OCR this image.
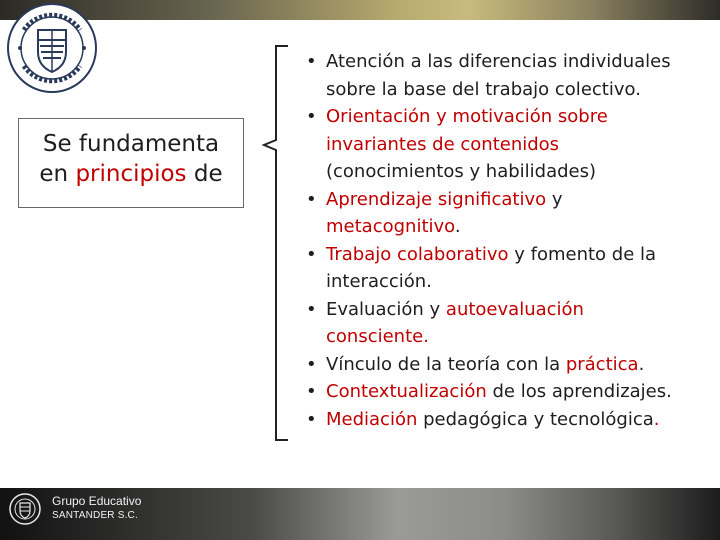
Se fundamenta
en principios de
• Atención a las diferencias individuales
sobre la base del trabajo colectivo.
• Orientación y motivación sobre
invariantes de contenidos
(conocimientos y habilidades)
• Aprendizaje significativo y
metacognitivo.
• Trabajo colaborativo y fomento de la
interacción.
• Evaluación y autoevaluación
consciente.
• Vínculo de la teoría con la práctica.
• Contextualización de los aprendizajes.
• Mediación pedagógica y tecnológica.
Grupo Educativo
SANTANDER S.C.
